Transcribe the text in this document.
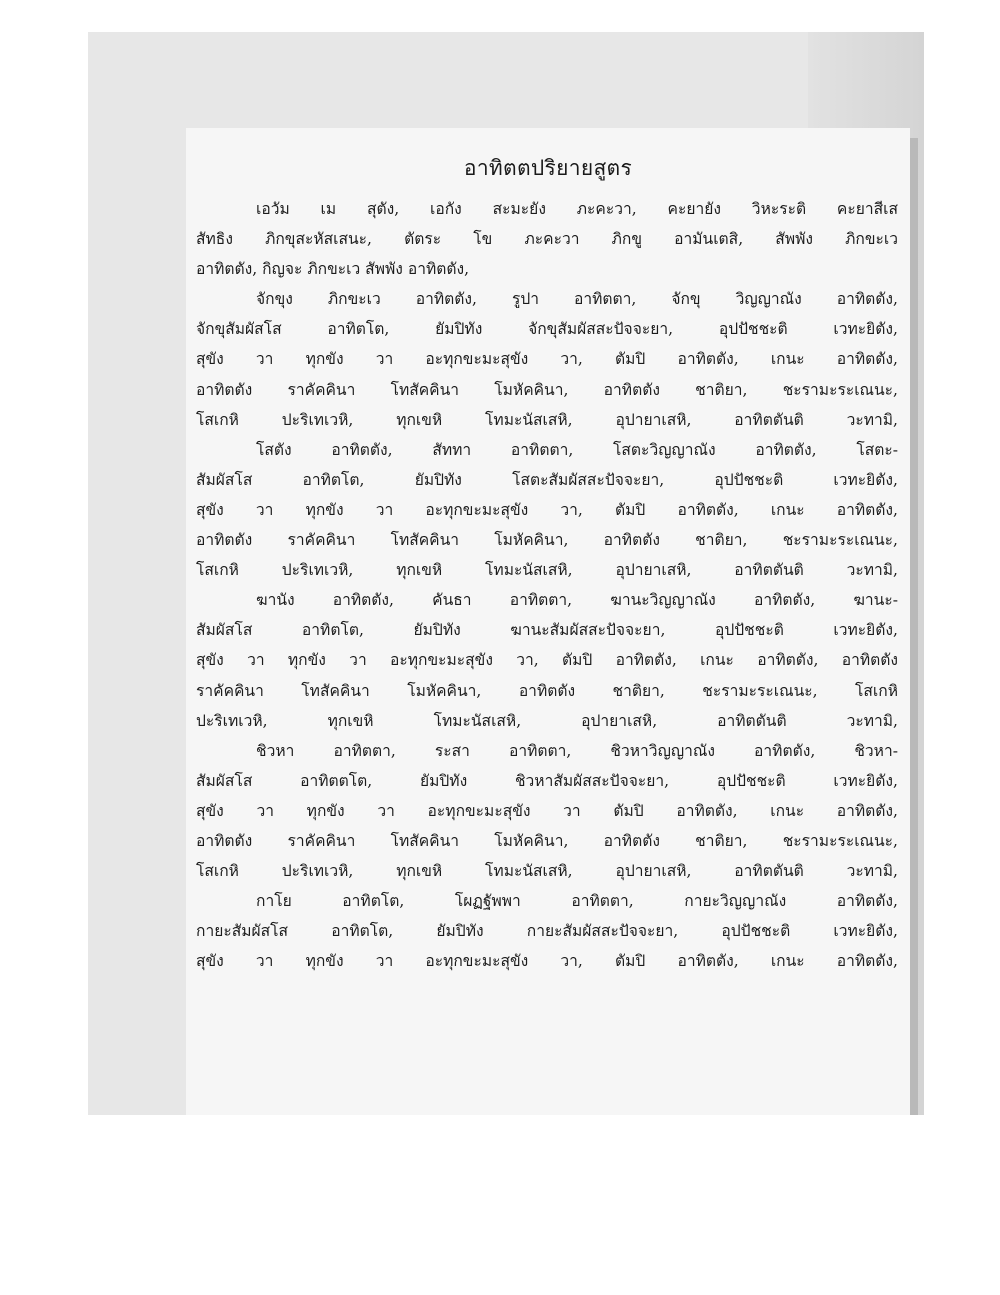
อาทิตตปริยายสูตร
เอวัม เม สุตัง, เอกัง สะมะยัง ภะคะวา, คะยายัง วิหะระติ คะยาสีเส
สัทธิง ภิกขุสะหัสเสนะ, ตัตระ โข ภะคะวา ภิกขู อามันเตสิ, สัพพัง ภิกขะเว
อาทิตตัง, กิญจะ ภิกขะเว สัพพัง อาทิตตัง,
จักขุง ภิกขะเว อาทิตตัง, รูปา อาทิตตา, จักขุ วิญญาณัง อาทิตตัง,
จักขุสัมผัสโส อาทิตโต, ยัมปิทัง จักขุสัมผัสสะปัจจะยา, อุปปัชชะติ เวทะยิตัง,
สุขัง วา ทุกขัง วา อะทุกขะมะสุขัง วา, ตัมปิ อาทิตตัง, เกนะ อาทิตตัง,
อาทิตตัง ราคัคคินา โทสัคคินา โมหัคคินา, อาทิตตัง ชาติยา, ชะรามะระเณนะ,
โสเกหิ ปะริเทเวหิ, ทุกเขหิ โทมะนัสเสหิ, อุปายาเสหิ, อาทิตตันติ วะทามิ,
โสตัง อาทิตตัง, สัททา อาทิตตา, โสตะวิญญาณัง อาทิตตัง, โสตะ-
สัมผัสโส อาทิตโต, ยัมปิทัง โสตะสัมผัสสะปัจจะยา, อุปปัชชะติ เวทะยิตัง,
สุขัง วา ทุกขัง วา อะทุกขะมะสุขัง วา, ตัมปิ อาทิตตัง, เกนะ อาทิตตัง,
อาทิตตัง ราคัคคินา โทสัคคินา โมหัคคินา, อาทิตตัง ชาติยา, ชะรามะระเณนะ,
โสเกหิ ปะริเทเวหิ, ทุกเขหิ โทมะนัสเสหิ, อุปายาเสหิ, อาทิตตันติ วะทามิ,
ฆานัง อาทิตตัง, คันธา อาทิตตา, ฆานะวิญญาณัง อาทิตตัง, ฆานะ-
สัมผัสโส อาทิตโต, ยัมปิทัง ฆานะสัมผัสสะปัจจะยา, อุปปัชชะติ เวทะยิตัง,
สุขัง วา ทุกขัง วา อะทุกขะมะสุขัง วา, ตัมปิ อาทิตตัง, เกนะ อาทิตตัง, อาทิตตัง
ราคัคคินา โทสัคคินา โมหัคคินา, อาทิตตัง ชาติยา, ชะรามะระเณนะ, โสเกหิ
ปะริเทเวหิ, ทุกเขหิ โทมะนัสเสหิ, อุปายาเสหิ, อาทิตตันติ วะทามิ,
ชิวหา อาทิตตา, ระสา อาทิตตา, ชิวหาวิญญาณัง อาทิตตัง, ชิวหา-
สัมผัสโส อาทิตตโต, ยัมปิทัง ชิวหาสัมผัสสะปัจจะยา, อุปปัชชะติ เวทะยิตัง,
สุขัง วา ทุกขัง วา อะทุกขะมะสุขัง วา ตัมปิ อาทิตตัง, เกนะ อาทิตตัง,
อาทิตตัง ราคัคคินา โทสัคคินา โมหัคคินา, อาทิตตัง ชาติยา, ชะรามะระเณนะ,
โสเกหิ ปะริเทเวหิ, ทุกเขหิ โทมะนัสเสหิ, อุปายาเสหิ, อาทิตตันติ วะทามิ,
กาโย อาทิตโต, โผฏฐัพพา อาทิตตา, กายะวิญญาณัง อาทิตตัง,
กายะสัมผัสโส อาทิตโต, ยัมปิทัง กายะสัมผัสสะปัจจะยา, อุปปัชชะติ เวทะยิตัง,
สุขัง วา ทุกขัง วา อะทุกขะมะสุขัง วา, ตัมปิ อาทิตตัง, เกนะ อาทิตตัง,
